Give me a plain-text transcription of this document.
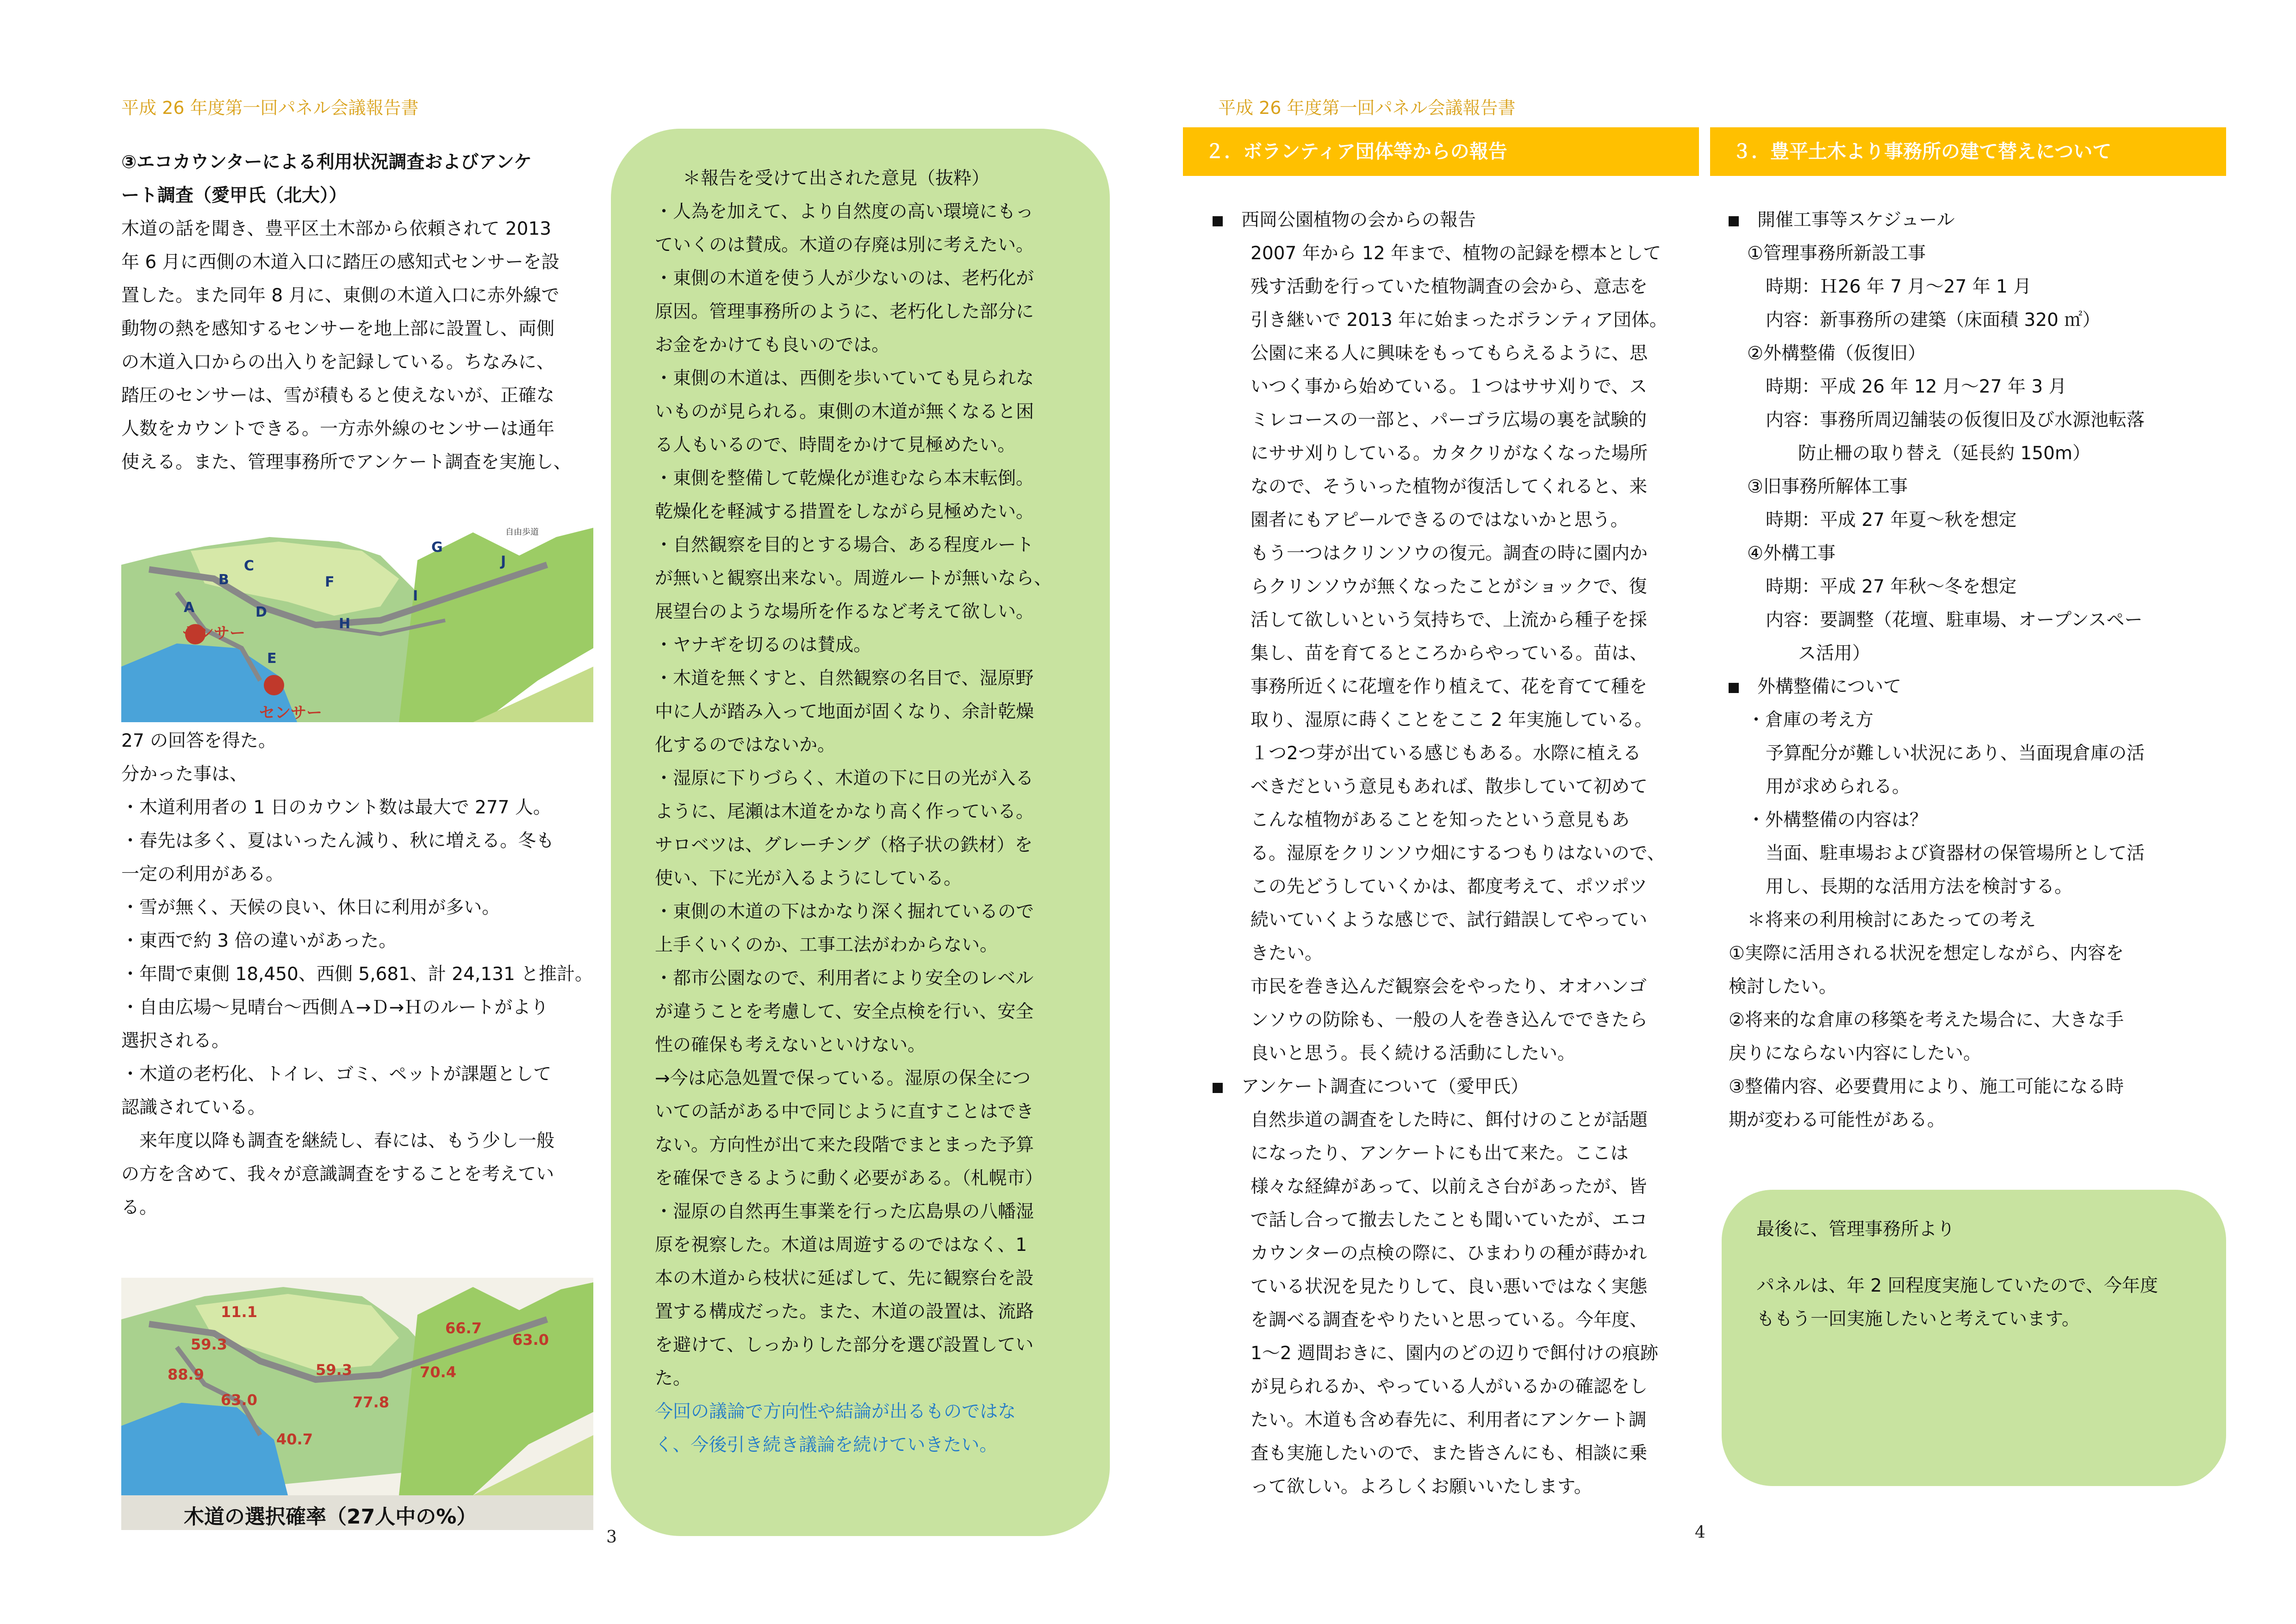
平成 26 年度第一回パネル会議報告書

③エコカウンターによる利用状況調査およびアンケ

ート調査（愛甲氏（北大））

木道の話を聞き、豊平区土木部から依頼されて 2013

年 6 月に西側の木道入口に踏圧の感知式センサーを設

置した。また同年 8 月に、東側の木道入口に赤外線で

動物の熱を感知するセンサーを地上部に設置し、両側

の木道入口からの出入りを記録している。ちなみに、

踏圧のセンサーは、雪が積もると使えないが、正確な

人数をカウントできる。一方赤外線のセンサーは通年

使える。また、管理事務所でアンケート調査を実施し、

センサー
センサー
A
B
C
D
E
F
G
H
I
J
自由歩道

27 の回答を得た。

分かった事は、

・木道利用者の 1 日のカウント数は最大で 277 人。

・春先は多く、夏はいったん減り、秋に増える。冬も

一定の利用がある。

・雪が無く、天候の良い、休日に利用が多い。

・東西で約 3 倍の違いがあった。

・年間で東側 18,450、西側 5,681、計 24,131 と推計。

・自由広場～見晴台～西側Ａ→Ｄ→Ｈのルートがより

選択される。

・木道の老朽化、トイレ、ゴミ、ペットが課題として

認識されている。

　来年度以降も調査を継続し、春には、もう少し一般

の方を含めて、我々が意識調査をすることを考えてい

る。

11.1
59.3
88.9
63.0
40.7
59.3
77.8
70.4
66.7
63.0
木道の選択確率（27人中の%）
3

＊報告を受けて出された意見（抜粋）

・人為を加えて、より自然度の高い環境にもっ

ていくのは賛成。木道の存廃は別に考えたい。

・東側の木道を使う人が少ないのは、老朽化が

原因。管理事務所のように、老朽化した部分に

お金をかけても良いのでは。

・東側の木道は、西側を歩いていても見られな

いものが見られる。東側の木道が無くなると困

る人もいるので、時間をかけて見極めたい。

・東側を整備して乾燥化が進むなら本末転倒。

乾燥化を軽減する措置をしながら見極めたい。

・自然観察を目的とする場合、ある程度ルート

が無いと観察出来ない。周遊ルートが無いなら、

展望台のような場所を作るなど考えて欲しい。

・ヤナギを切るのは賛成。

・木道を無くすと、自然観察の名目で、湿原野

中に人が踏み入って地面が固くなり、余計乾燥

化するのではないか。

・湿原に下りづらく、木道の下に日の光が入る

ように、尾瀬は木道をかなり高く作っている。

サロベツは、グレーチング（格子状の鉄材）を

使い、下に光が入るようにしている。

・東側の木道の下はかなり深く掘れているので

上手くいくのか、工事工法がわからない。

・都市公園なので、利用者により安全のレベル

が違うことを考慮して、安全点検を行い、安全

性の確保も考えないといけない。

→今は応急処置で保っている。湿原の保全につ

いての話がある中で同じように直すことはでき

ない。方向性が出て来た段階でまとまった予算

を確保できるように動く必要がある。（札幌市）

・湿原の自然再生事業を行った広島県の八幡湿

原を視察した。木道は周遊するのではなく、1

本の木道から枝状に延ばして、先に観察台を設

置する構成だった。また、木道の設置は、流路

を避けて、しっかりした部分を選び設置してい

た。

今回の議論で方向性や結論が出るものではな

く、今後引き続き議論を続けていきたい。

平成 26 年度第一回パネル会議報告書
２．ボランティア団体等からの報告	３．豊平土木より事務所の建て替えについて

西岡公園植物の会からの報告

2007 年から 12 年まで、植物の記録を標本として

残す活動を行っていた植物調査の会から、意志を

引き継いで 2013 年に始まったボランティア団体。

公園に来る人に興味をもってもらえるように、思

いつく事から始めている。１つはササ刈りで、ス

ミレコースの一部と、パーゴラ広場の裏を試験的

にササ刈りしている。カタクリがなくなった場所

なので、そういった植物が復活してくれると、来

園者にもアピールできるのではないかと思う。

もう一つはクリンソウの復元。調査の時に園内か

らクリンソウが無くなったことがショックで、復

活して欲しいという気持ちで、上流から種子を採

集し、苗を育てるところからやっている。苗は、

事務所近くに花壇を作り植えて、花を育てて種を

取り、湿原に蒔くことをここ 2 年実施している。

１つ2つ芽が出ている感じもある。水際に植える

べきだという意見もあれば、散歩していて初めて

こんな植物があることを知ったという意見もあ

る。湿原をクリンソウ畑にするつもりはないので、

この先どうしていくかは、都度考えて、ポツポツ

続いていくような感じで、試行錯誤してやってい

きたい。

市民を巻き込んだ観察会をやったり、オオハンゴ

ンソウの防除も、一般の人を巻き込んでできたら

良いと思う。長く続ける活動にしたい。

アンケート調査について（愛甲氏）

自然歩道の調査をした時に、餌付けのことが話題

になったり、アンケートにも出て来た。ここは

様々な経緯があって、以前えさ台があったが、皆

で話し合って撤去したことも聞いていたが、エコ

カウンターの点検の際に、ひまわりの種が蒔かれ

ている状況を見たりして、良い悪いではなく実態

を調べる調査をやりたいと思っている。今年度、

1～2 週間おきに、園内のどの辺りで餌付けの痕跡

が見られるか、やっている人がいるかの確認をし

たい。木道も含め春先に、利用者にアンケート調

査も実施したいので、また皆さんにも、相談に乗

って欲しい。よろしくお願いいたします。

4

開催工事等スケジュール

①管理事務所新設工事

時期：Ｈ26 年 7 月～27 年 1 月

内容：新事務所の建築（床面積 320 ㎡）

②外構整備（仮復旧）

時期：平成 26 年 12 月～27 年 3 月

内容：事務所周辺舗装の仮復旧及び水源池転落

防止柵の取り替え（延長約 150m）

③旧事務所解体工事

時期：平成 27 年夏～秋を想定

④外構工事

時期：平成 27 年秋～冬を想定

内容：要調整（花壇、駐車場、オープンスペー

ス活用）

外構整備について

・倉庫の考え方

予算配分が難しい状況にあり、当面現倉庫の活

用が求められる。

・外構整備の内容は？

当面、駐車場および資器材の保管場所として活

用し、長期的な活用方法を検討する。

＊将来の利用検討にあたっての考え

①実際に活用される状況を想定しながら、内容を

検討したい。

②将来的な倉庫の移築を考えた場合に、大きな手

戻りにならない内容にしたい。

③整備内容、必要費用により、施工可能になる時

期が変わる可能性がある。

最後に、管理事務所より

パネルは、年 2 回程度実施していたので、今年度

ももう一回実施したいと考えています。
